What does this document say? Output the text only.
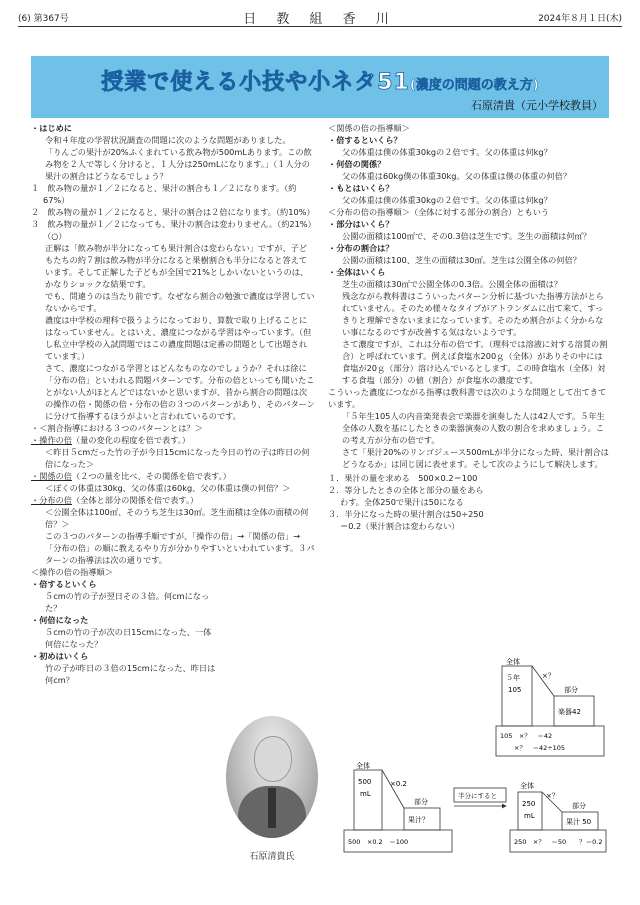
(6) 第367号	日 教 組 香 川	2024年８月１日(木)
授業で使える小技や小ネタ51(濃度の問題の教え方)
石原清貴（元小学校教員）

・はじめに

令和４年度の学習状況調査の問題に次のような問題がありました。

「りんごの果汁が20%ふくまれている飲み物が500mLあります。この飲み物を２人で等しく分けると、１人分は250mLになります。」（１人分の果汁の割合はどうなるでしょう？

１　飲み物の量が１／２になると、果汁の割合も１／２になります。（約67%）

２　飲み物の量が１／２になると、果汁の割合は２倍になります。（約10%）

３　飲み物の量が１／２になっても、果汁の割合は変わりません。（約21%）（○）

正解は「飲み物が半分になっても果汁割合は変わらない」ですが、子どもたちの約７割は飲み物が半分になると果樹割合も半分になると答えています。そして正解した子どもが全国で21%としかいないというのは、かなりショックな結果です。

でも、問違うのは当たり前です。なぜなら割合の勉強で濃度は学習していないからです。

濃度は中学校の理科で扱うようになっており、算数で取り上げることにはなっていません。とはいえ、濃度につながる学習はやっています。（但し私立中学校の入試問題ではこの濃度問題は定番の問題として出題されています。）

さて、濃度につながる学習とはどんなものなのでしょうか？それは徐に「分布の倍」といわれる問題パターンです。分布の倍といっても聞いたことがない人がほとんどではないかと思いますが、昔から割合の問題は次の操作の倍・関係の倍・分布の倍の３つのパターンがあり、そのパターンに分けて指導するほうがよいと言われているのです。

・＜割合指導における３つのパターンとは？＞

・操作の倍（量の変化の程度を倍で表す。）

＜昨日５cmだった竹の子が今日15cmになった今日の竹の子は昨日の何倍になった＞

・関係の倍（２つの量を比べ、その関係を倍で表す。）

＜ぼくの体重は30kg、父の体重は60kg、父の体重は僕の何倍？＞

・分布の倍（全体と部分の関係を倍で表す。）

＜公園全体は100㎡、そのうち芝生は30㎡。芝生面積は全体の面積の何倍？＞

この３つのパターンの指導手順ですが、「操作の倍」→「関係の倍」→「分布の倍」の順に教えるやり方が分かりやすいといわれています。３パターンの指導法は次の通りです。

＜操作の倍の指導順＞

・倍するといくら

５cmの竹の子が翌日その３倍。何cmになった？

・何倍になった

５cmの竹の子が次の日15cmになった、一体何倍になった？

・初めはいくら

竹の子が昨日の３倍の15cmになった、昨日は何cm？

石原清貴氏

＜関係の倍の指導順＞

・倍するといくら？

父の体重は僕の体重30kgの２倍です。父の体重は何kg？

・何倍の関係？

父の体重は60kg僕の体重30kg。父の体重は僕の体重の何倍？

・もとはいくら？

父の体重は僕の体重30kgの２倍です。父の体重は何kg？

＜分布の倍の指導順＞（全体に対する部分の割合）ともいう

・部分はいくら？

公園の面積は100㎡で、その0.3倍は芝生です。芝生の面積は何㎡？

・分布の割合は？

公園の面積は100、芝生の面積は30㎡。芝生は公園全体の何倍？

・全体はいくら

芝生の面積は30㎡で公園全体の0.3倍。公園全体の面積は？

残念ながら教科書はこういったパターン分析に基づいた指導方法がとられていません。そのため様々なタイプがアトランダムに出て来て、すっきりと理解できないままになっています。そのため割合がよく分からない事になるのですが改善する気はないようです。

さて濃度ですが、これは分布の倍です。（理科では溶液に対する溶質の割合）と呼ばれています。例えば食塩水200ｇ（全体）がありその中には食塩が20ｇ（部分）溶け込んでいるとします。この時食塩水（全体）対する食塩（部分）の値（割合）が食塩水の濃度です。

こういった濃度につながる指導は教科書では次のような問題として出てきています。

「５年生105人の内音楽発表会で楽器を演奏した人は42人です。５年生全体の人数を基にしたときの楽器演奏の人数の割合を求めましょう。この考え方が分布の倍です。

さて「果汁20%のリンゴジュース500mLが半分になった時、果汁割合はどうなるか」は同じ図に表せます。そして次のようにして解決します。

１．果汁の量を求める　500×0.2＝100

２．等分したときの全体と部分の量をあらわす。全体250で果汁は50になる

３．半分になった時の果汁割合は50÷250＝0.2（果汁割合は変わらない）

全体
５年
105
×？
部分
楽器42
105　×？　＝42
×？　＝42÷105
全体
500
mL
×0.2
部分
果汁？
500　×0.2　＝100
半分にすると
全体
250
mL
×？
部分
果汁 50
250　×？　＝50　　？＝0.2
